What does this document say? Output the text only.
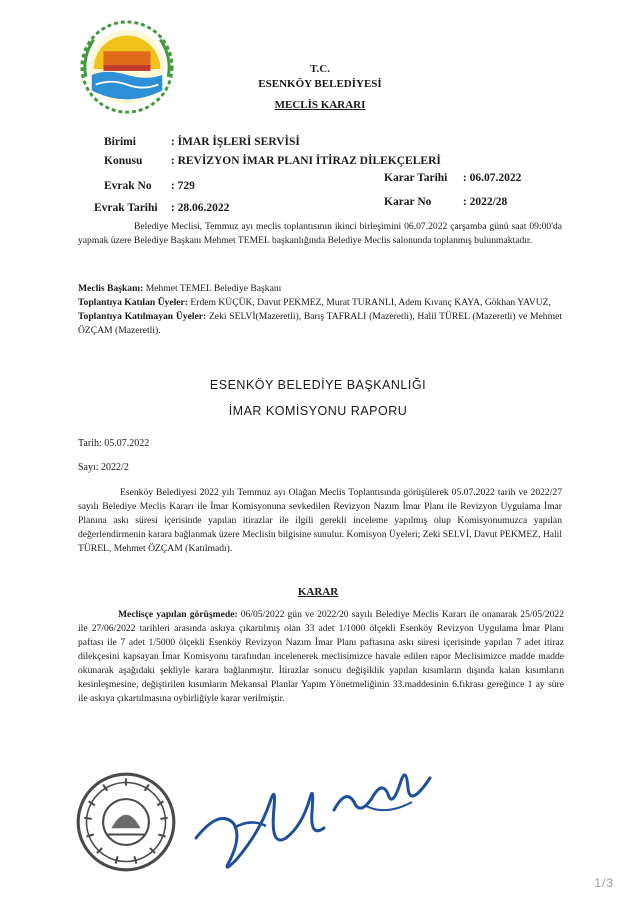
T.C.
ESENKÖY BELEDİYESİ
MECLİS KARARI
Birimi	: İMAR İŞLERİ SERVİSİ
Konusu : REVİZYON İMAR PLANI İTİRAZ DİLEKÇELERİ
Evrak No : 729
Evrak Tarihi : 28.06.2022
Karar Tarihi : 06.07.2022
Karar No	: 2022/28
Belediye Meclisi, Temmuz ayı meclis toplantısının ikinci birleşimini 06.07.2022 çarşamba günü saat 09:00'da yapmak üzere Belediye Başkanı Mehmet TEMEL başkanlığında Belediye Meclis salonunda toplanmış bulunmaktadır.
Meclis Başkanı: Mehmet TEMEL Belediye Başkanı
Toplantıya Katılan Üyeler: Erdem KÜÇÜK, Davut PEKMEZ, Murat TURANLI, Adem Kıvanç KAYA, Gökhan YAVUZ,
Toplantıya Katılmayan Üyeler: Zeki SELVİ(Mazeretli), Barış TAFRALI (Mazeretli), Halil TÜREL (Mazeretli) ve Mehmet ÖZÇAM (Mazeretli).
ESENKÖY BELEDİYE BAŞKANLIĞI
İMAR KOMİSYONU RAPORU
Tarih: 05.07.2022
Sayı: 2022/2
Esenköy Belediyesi 2022 yılı Temmuz ayı Olağan Meclis Toplantısında görüşülerek 05.07.2022 tarih ve 2022/27 sayılı Belediye Meclis Kararı ile İmar Komisyonuna sevkedilen Revizyon Nazım İmar Planı ile Revizyon Uygulama İmar Planına askı süresi içerisinde yapılan itirazlar ile ilgili gerekli inceleme yapılmış olup Komisyonumuzca yapılan değerlendirmenin karara bağlanmak üzere Meclisin bilgisine sunulur. Komisyon Üyeleri; Zeki SELVİ, Davut PEKMEZ, Halil TÜREL, Mehmet ÖZÇAM (Katılmadı).
KARAR
Meclisçe yapılan görüşmede: 06/05/2022 gün ve 2022/20 sayılı Belediye Meclis Kararı ile onanarak 25/05/2022 ile 27/06/2022 tarihleri arasında askıya çıkartılmış olan 33 adet 1/1000 ölçekli Esenköy Revizyon Uygulama İmar Planı paftası ile 7 adet 1/5000 ölçekli Esenköy Revizyon Nazım İmar Planı paftasına askı süresi içerisinde yapılan 7 adet itiraz dilekçesini kapsayan İmar Komisyonu tarafından incelenerek meclisimizce havale edilen rapor Meclisimizce madde madde okunarak aşağıdaki şekliyle karara bağlanmıştır. İtirazlar sonucu değişiklik yapılan kısımların dışında kalan kısımların kesinleşmesine, değiştirilen kısımların Mekansal Planlar Yapım Yönetmeliğinin 33.maddesinin 6.fıkrası gereğince 1 ay süre ile askıya çıkartılmasına oybirliğiyle karar verilmiştir.
1/3
